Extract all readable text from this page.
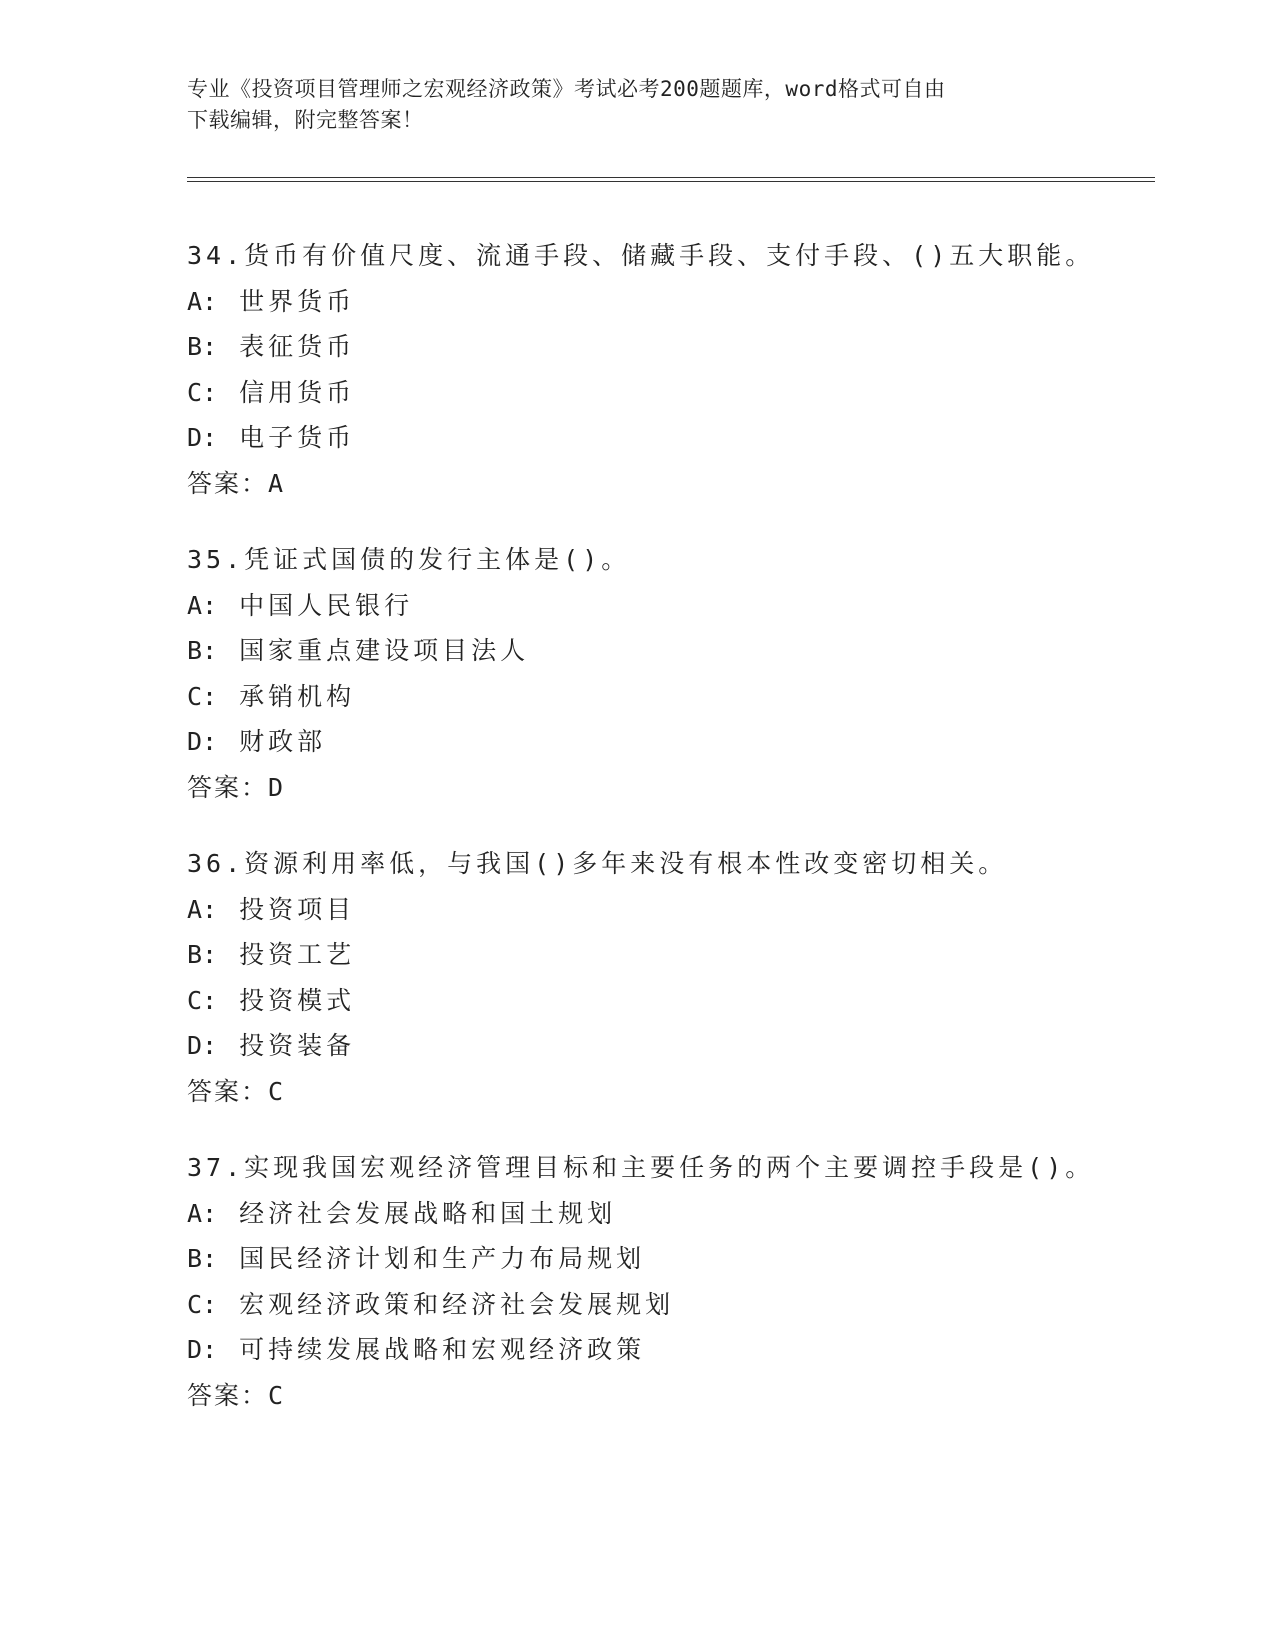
专业《投资项目管理师之宏观经济政策》考试必考200题题库，word格式可自由
下载编辑，附完整答案！
34.货币有价值尺度、流通手段、储藏手段、支付手段、()五大职能。
A: 世界货币
B: 表征货币
C: 信用货币
D: 电子货币
答案：A
35.凭证式国债的发行主体是()。
A: 中国人民银行
B: 国家重点建设项目法人
C: 承销机构
D: 财政部
答案：D
36.资源利用率低，与我国()多年来没有根本性改变密切相关。
A: 投资项目
B: 投资工艺
C: 投资模式
D: 投资装备
答案：C
37.实现我国宏观经济管理目标和主要任务的两个主要调控手段是()。
A: 经济社会发展战略和国土规划
B: 国民经济计划和生产力布局规划
C: 宏观经济政策和经济社会发展规划
D: 可持续发展战略和宏观经济政策
答案：C
